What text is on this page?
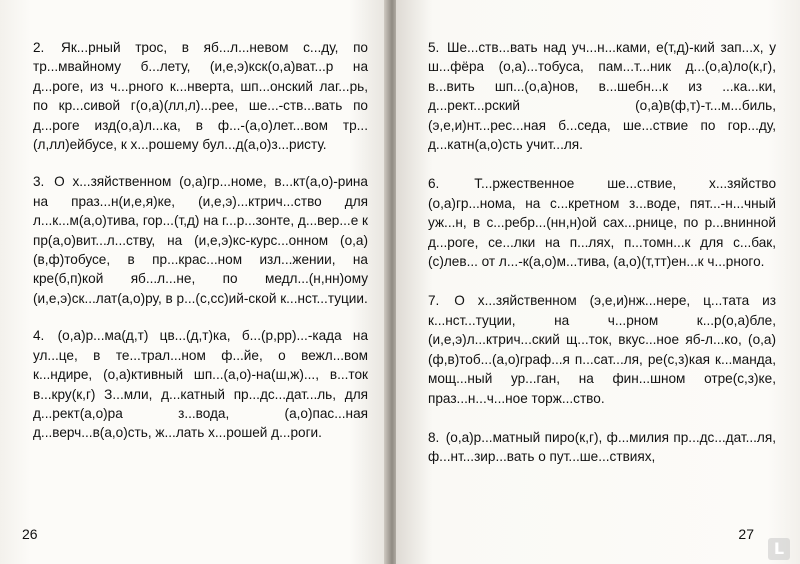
2. Як...рный трос, в яб...л...невом с...ду, по тр...мвайному б...лету, (и,е,э)кск(о,а)ват...р на д...роге, из ч...рного к...нверта, шп...онский лаг...рь, по кр...сивой г(о,а)(лл,л)...рее, ше...-ств...вать по д...роге изд(о,а)л...ка, в ф...-(а,о)лет...вом тр...(л,лл)ейбусе, к х...рошему бул...д(а,о)з...ристу.

3. О х...зяйственном (о,а)гр...номе, в...кт(а,о)-рина на праз...н(и,е,я)ке, (и,е,э)...ктрич...ство для л...к...м(а,о)тива, гор...(т,д) на г...р...зонте, д...вер...е к пр(а,о)вит...л...ству, на (и,е,э)кс-курс...онном (о,а)(в,ф)тобусе, в пр...крас...ном изл...жении, на кре(б,п)кой яб...л...не, по медл...(н,нн)ому (и,е,э)ск...лат(а,о)ру, в р...(с,сс)ий-ской к...нст...туции.

4. (о,а)р...ма(д,т) цв...(д,т)ка, б...(р,рр)...-када на ул...це, в те...трал...ном ф...йе, о вежл...вом к...ндире, (о,а)ктивный шп...(а,о)-на(ш,ж)..., в...ток в...кру(к,г) З...мли, д...катный пр...дс...дат...ль, для д...рект(а,о)ра з...вода, (а,о)пас...ная д...верч...в(а,о)сть, ж...лать х...рошей д...роги.

26

5. Ше...ств...вать над уч...н...ками, е(т,д)-кий зап...х, у ш...фёра (о,а)...тобуса, пам...т...ник д...(о,а)ло(к,г), в...вить шп...(о,а)нов, в...шебн...к из ...ка...ки, д...рект...рский (о,а)в(ф,т)-т...м...биль, (э,е,и)нт...рес...ная б...седа, ше...ствие по гор...ду, д...катн(а,о)сть учит...ля.

6.	Т...ржественное ше...ствие, х...зяйство (о,а)гр...нома, на с...кретном з...воде, пят...-н...чный уж...н, в с...ребр...(нн,н)ой сах...рнице, по р...внинной д...роге, се...лки на п...лях, п...томн...к для с...бак, (с)лев... от л...-к(а,о)м...тива, (а,о)(т,тт)ен...к ч...рного.

7. О х...зяйственном (э,е,и)нж...нере, ц...тата из к...нст...туции, на ч...рном к...р(о,а)бле, (и,е,э)л...ктрич...ский щ...ток, вкус...ное яб-л...ко, (о,а)(ф,в)тоб...(а,о)граф...я п...сат...ля, ре(с,з)кая к...манда, мощ...ный ур...ган, на фин...шном отре(с,з)ке, праз...н...ч...ное торж...ство.

8. (о,а)р...матный пиро(к,г), ф...милия пр...дс...дат...ля, ф...нт...зир...вать о пут...ше...ствиях,

27
L
